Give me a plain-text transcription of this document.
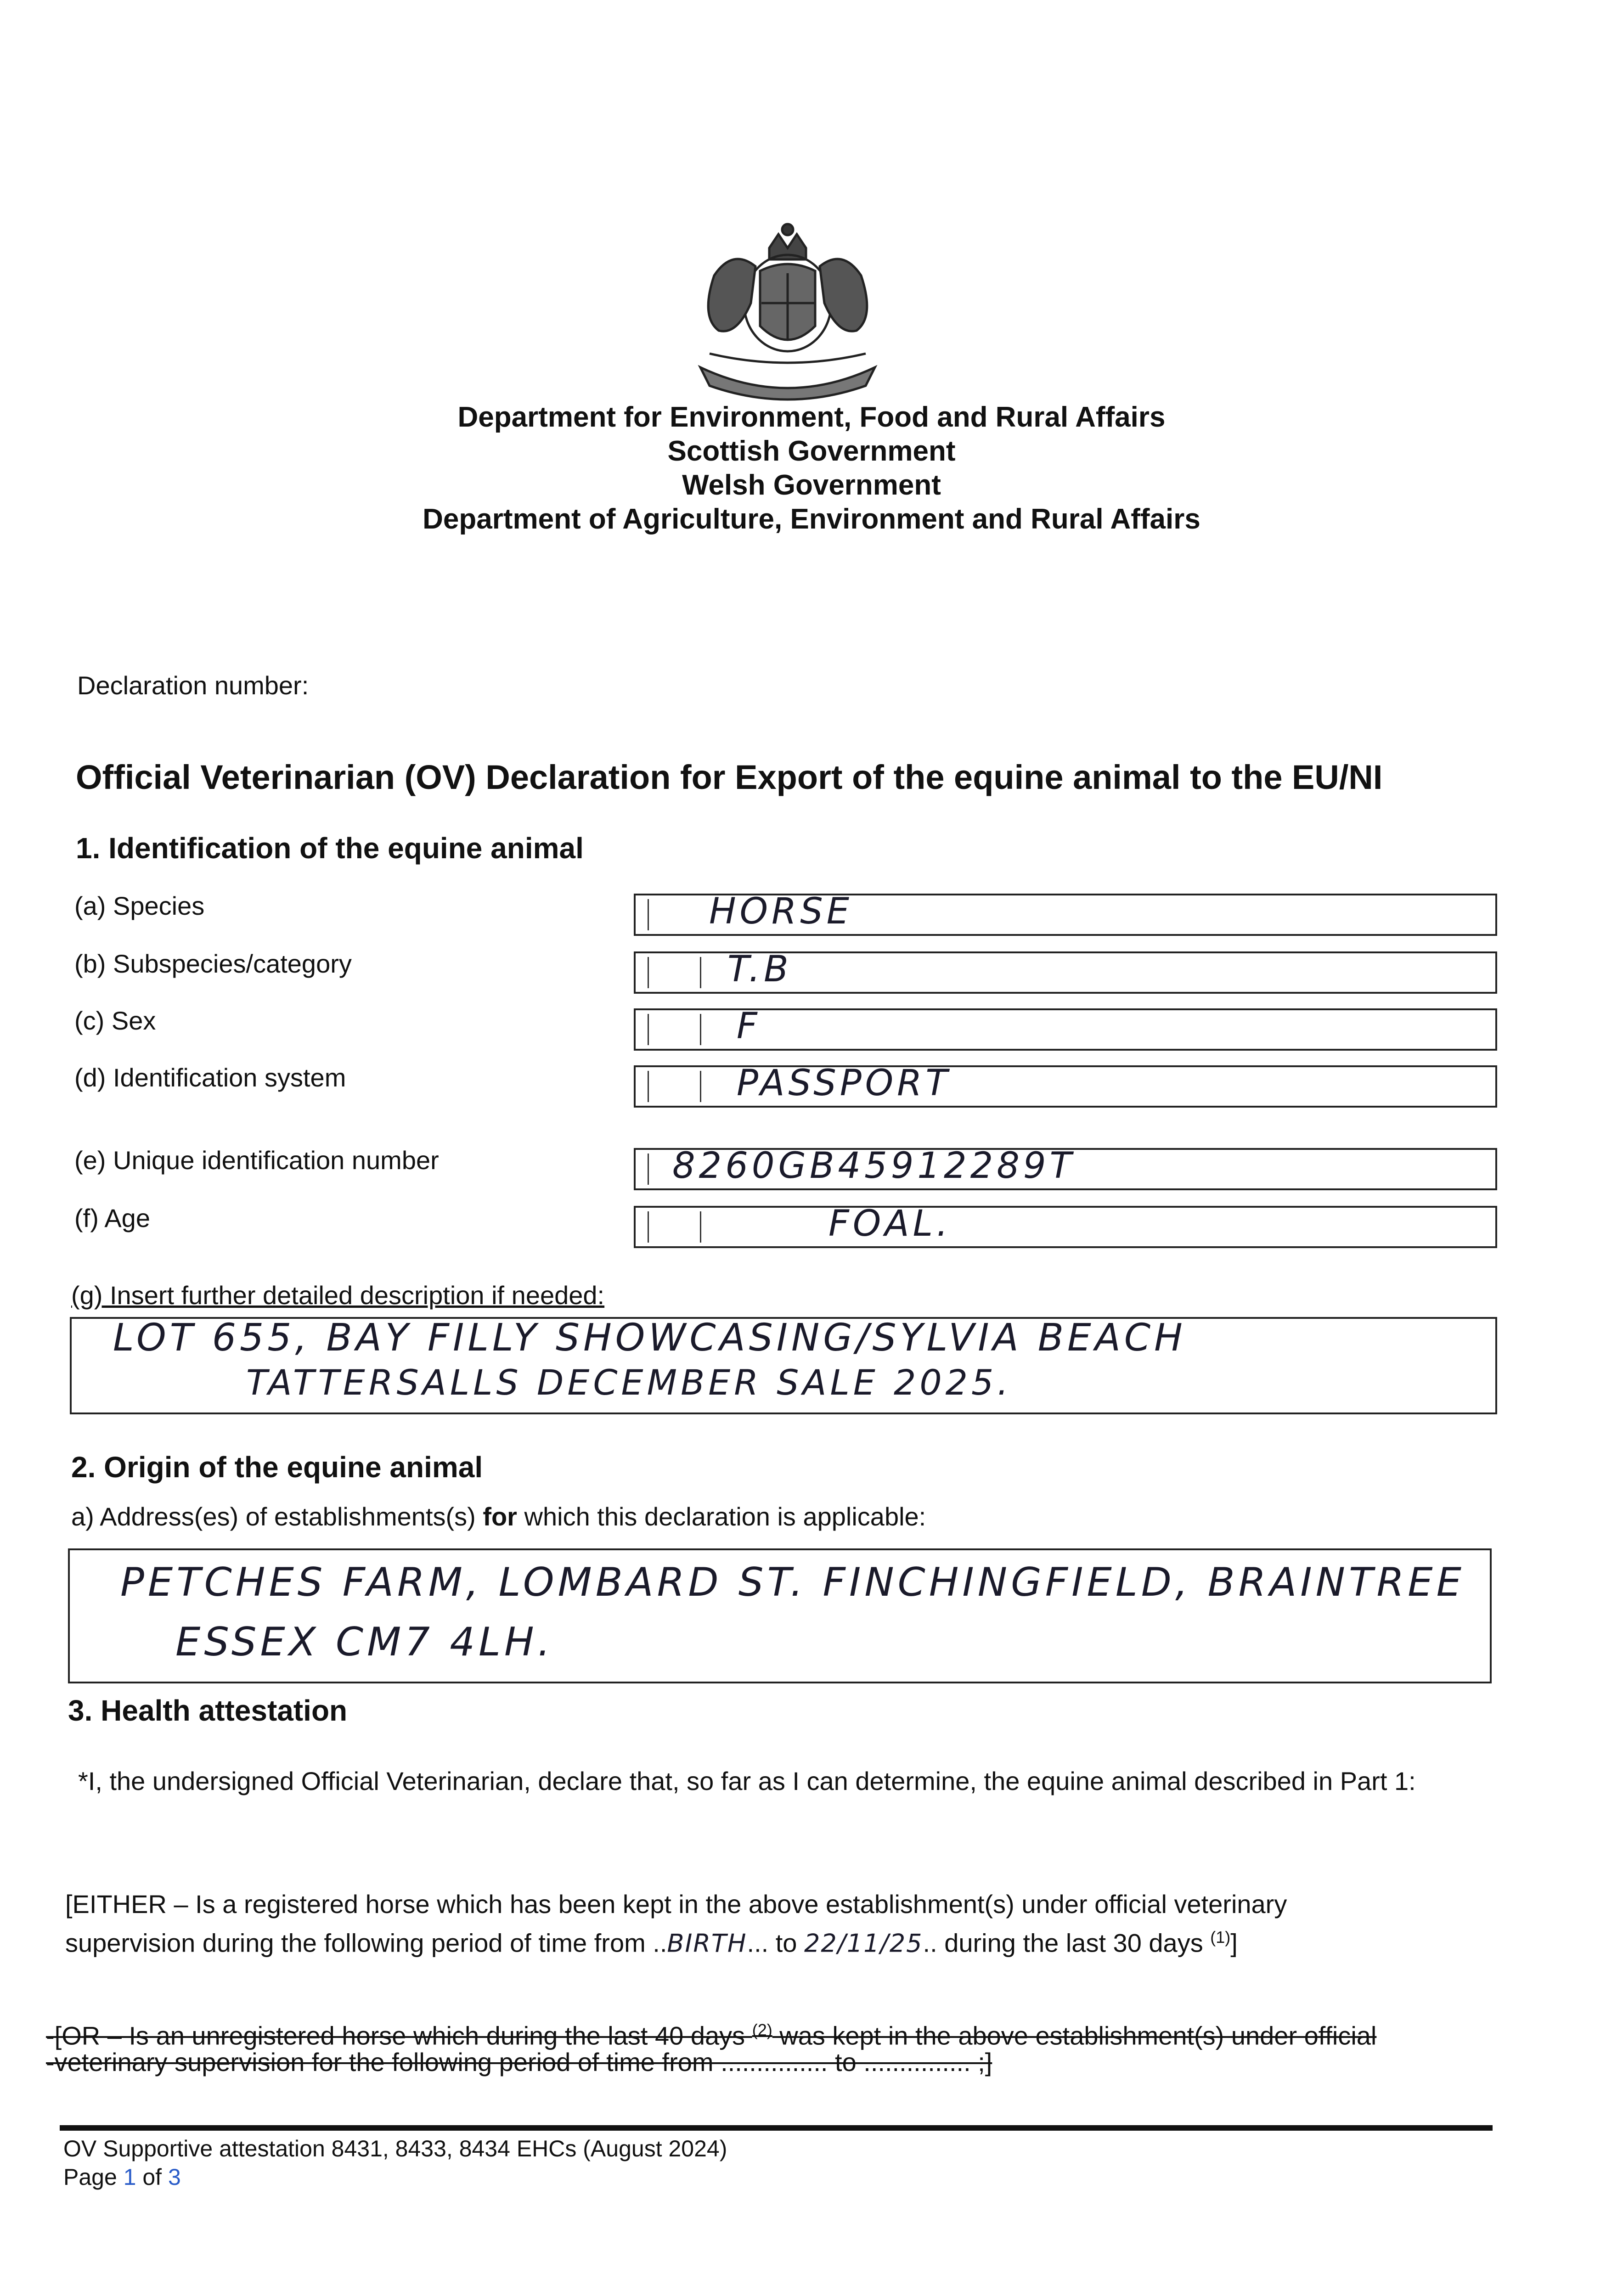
Department for Environment, Food and Rural Affairs
Scottish Government
Welsh Government
Department of Agriculture, Environment and Rural Affairs
Declaration number:
Official Veterinarian (OV) Declaration for Export of the equine animal to the EU/NI
1. Identification of the equine animal
(a) Species	HORSE
(b) Subspecies/category	T.B
(c) Sex	F
(d) Identification system	PASSPORT
(e) Unique identification number	8260GB45912289T
(f) Age	FOAL.
(g) Insert further detailed description if needed:
LOT 655, BAY FILLY SHOWCASING/SYLVIA BEACH
TATTERSALLS DECEMBER SALE 2025.
2. Origin of the equine animal
a) Address(es) of establishments(s) for which this declaration is applicable:
PETCHES FARM, LOMBARD ST. FINCHINGFIELD, BRAINTREE
ESSEX CM7 4LH.
3. Health attestation
*I, the undersigned Official Veterinarian, declare that, so far as I can determine, the equine animal described in Part 1:
[EITHER – Is a registered horse which has been kept in the above establishment(s) under official veterinary
supervision during the following period of time from ..BIRTH... to 22/11/25.. during the last 30 days $^{(1)}$]
-[OR – Is an unregistered horse which during the last 40 days $^{(2)}$ was kept in the above establishment(s) under official
-veterinary supervision for the following period of time from ............... to ............... ;]
OV Supportive attestation 8431, 8433, 8434 EHCs (August 2024)
Page 1 of 3
